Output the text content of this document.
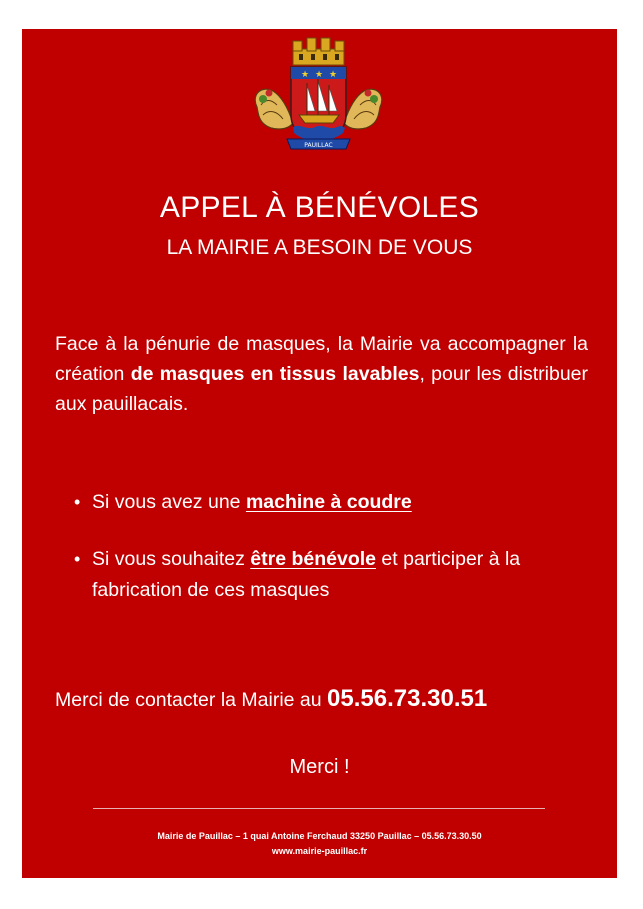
★ ★ ★
PAUILLAC
APPEL À BÉNÉVOLES
LA MAIRIE A BESOIN DE VOUS
Face à la pénurie de masques, la Mairie va accompagner la création de masques en tissus lavables, pour les distribuer aux pauillacais.
• Si vous avez une machine à coudre
• Si vous souhaitez être bénévole et participer à la fabrication de ces masques
Merci de contacter la Mairie au 05.56.73.30.51
Merci !
Mairie de Pauillac – 1 quai Antoine Ferchaud 33250 Pauillac – 05.56.73.30.50
www.mairie-pauillac.fr
